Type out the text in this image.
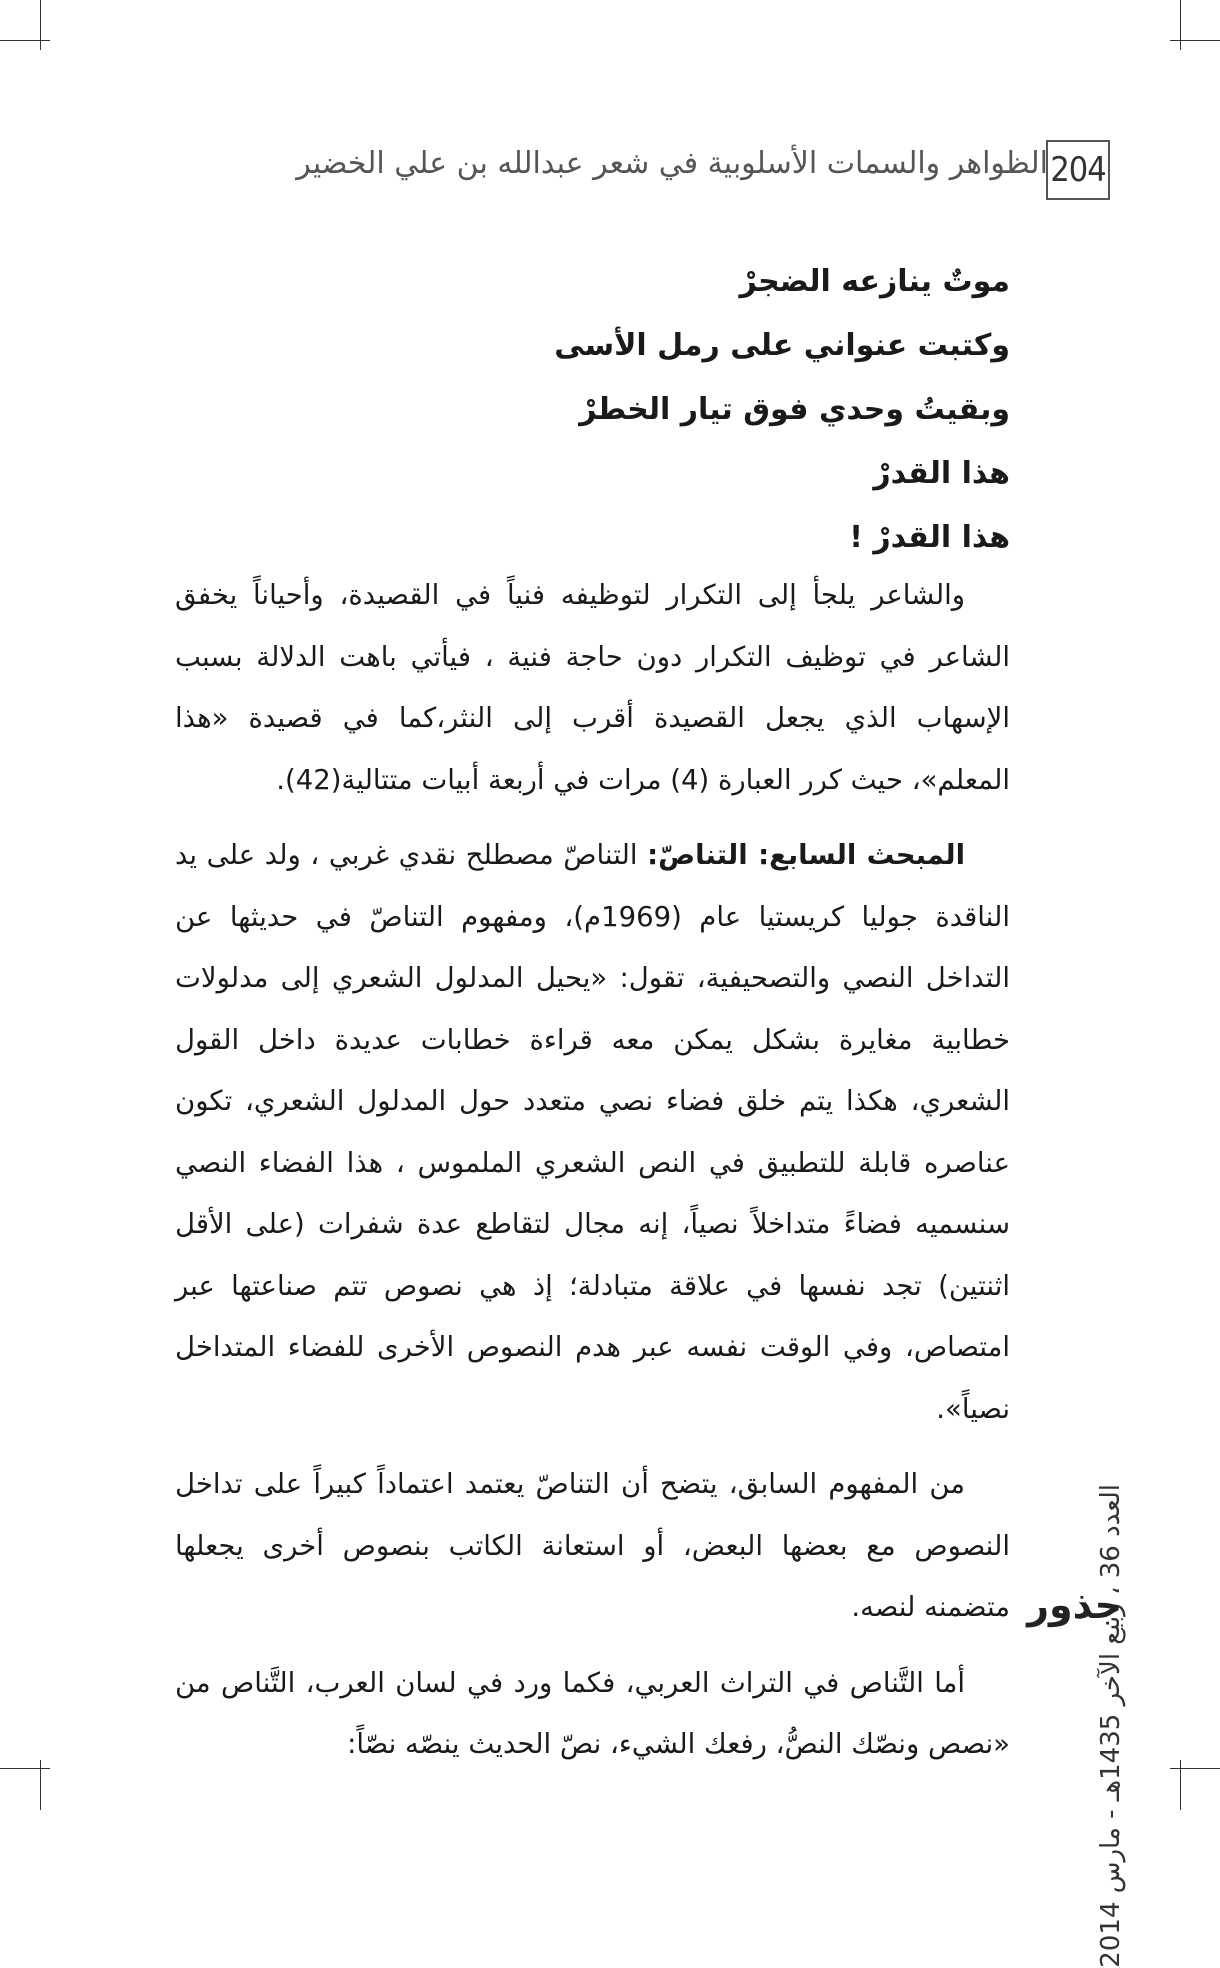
204
الظواهر والسمات الأسلوبية في شعر عبدالله بن علي الخضير
موتٌ ينازعه الضجرْ
وكتبت عنواني على رمل الأسى
وبقيتُ وحدي فوق تيار الخطرْ
هذا القدرْ
هذا القدرْ !

والشاعر يلجأ إلى التكرار لتوظيفه فنياً في القصيدة، وأحياناً يخفق الشاعر في توظيف التكرار دون حاجة فنية ، فيأتي باهت الدلالة بسبب الإسهاب الذي يجعل القصيدة أقرب إلى النثر،كما في قصيدة «هذا المعلم»، حيث كرر العبارة (4) مرات في أربعة أبيات متتالية(42).

المبحث السابع: التناصّ: التناصّ مصطلح نقدي غربي ، ولد على يد الناقدة جوليا كريستيا عام (1969م)، ومفهوم التناصّ في حديثها عن التداخل النصي والتصحيفية، تقول: «يحيل المدلول الشعري إلى مدلولات خطابية مغايرة بشكل يمكن معه قراءة خطابات عديدة داخل القول الشعري، هكذا يتم خلق فضاء نصي متعدد حول المدلول الشعري، تكون عناصره قابلة للتطبيق في النص الشعري الملموس ، هذا الفضاء النصي سنسميه فضاءً متداخلاً نصياً، إنه مجال لتقاطع عدة شفرات (على الأقل اثنتين) تجد نفسها في علاقة متبادلة؛ إذ هي نصوص تتم صناعتها عبر امتصاص، وفي الوقت نفسه عبر هدم النصوص الأخرى للفضاء المتداخل نصياً».

من المفهوم السابق، يتضح أن التناصّ يعتمد اعتماداً كبيراً على تداخل النصوص مع بعضها البعض، أو استعانة الكاتب بنصوص أخرى يجعلها متضمنه لنصه.

أما التَّناص في التراث العربي، فكما ورد في لسان العرب، التَّناص من «نصص ونصّك النصُّ، رفعك الشيء، نصّ الحديث ينصّه نصّاً:

العدد 36 ، ربيع الآخر 1435هـ - مارس 2014
جذور
